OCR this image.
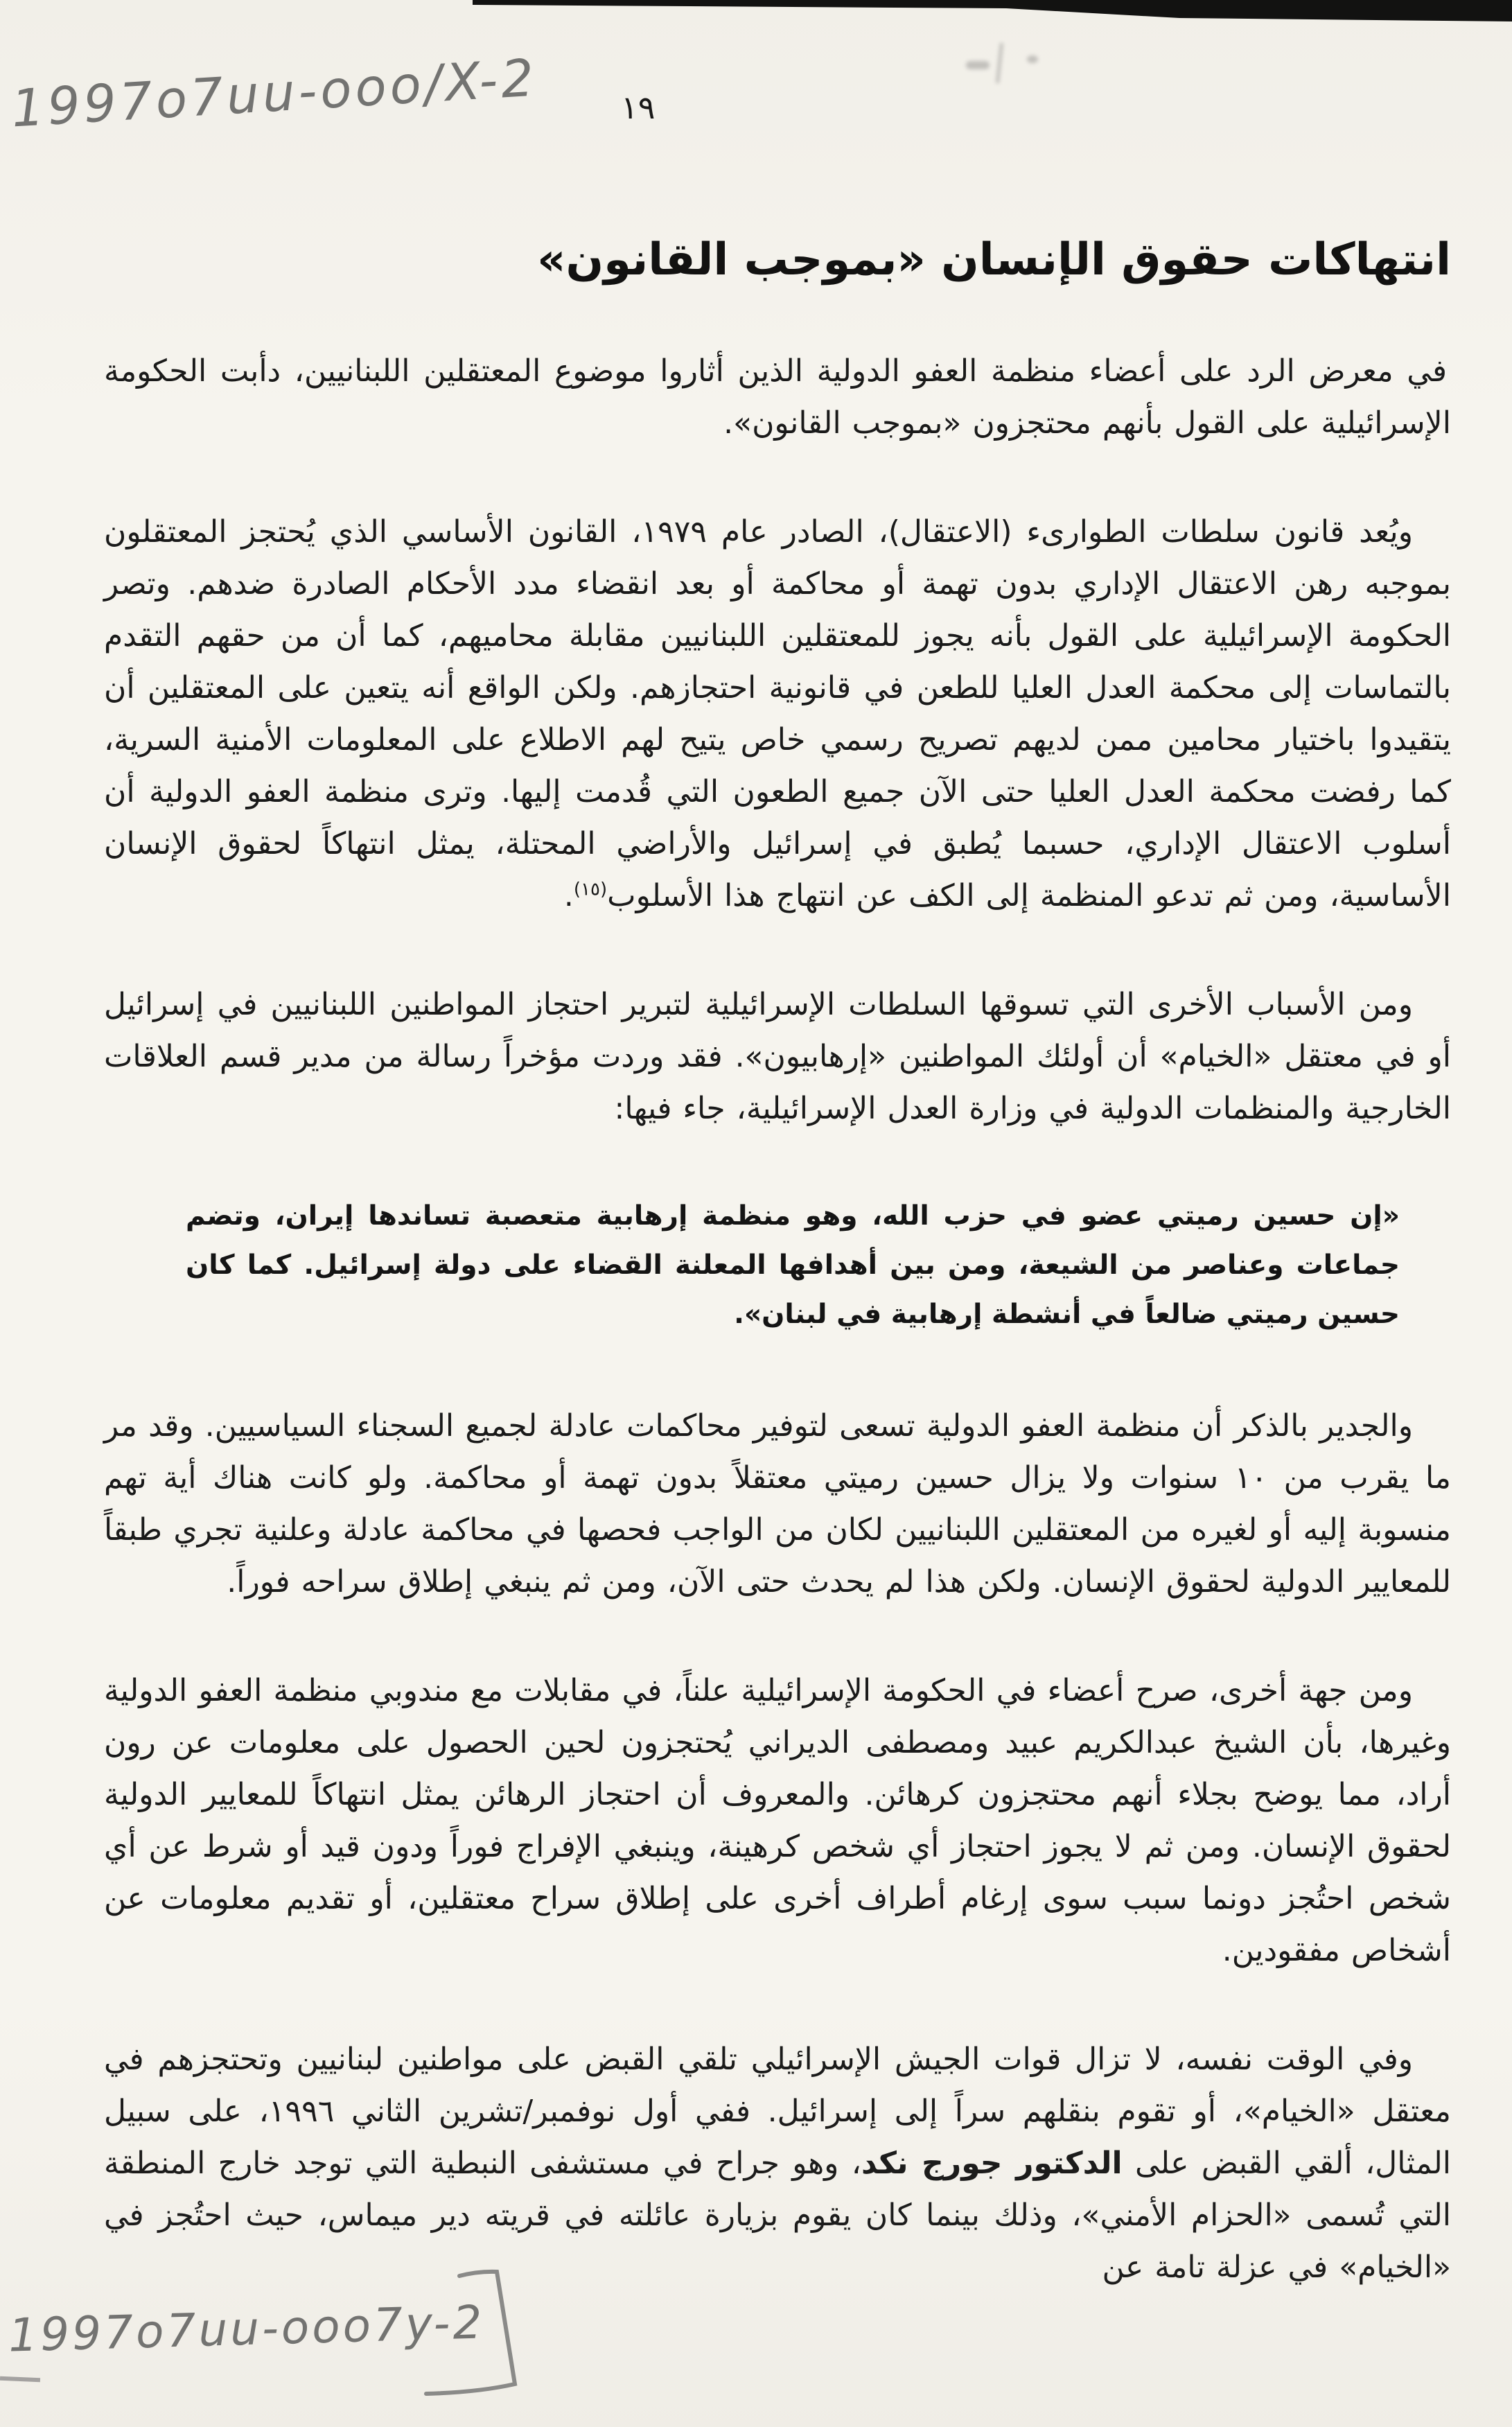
1997o7uu-ooo/X-2	١٩
انتهاكات حقوق الإنسان «بموجب القانون»

في معرض الرد على أعضاء منظمة العفو الدولية الذين أثاروا موضوع المعتقلين اللبنانيين، دأبت الحكومة الإسرائيلية على القول بأنهم محتجزون «بموجب القانون».

ويُعد قانون سلطات الطوارىء (الاعتقال)، الصادر عام ١٩٧٩، القانون الأساسي الذي يُحتجز المعتقلون بموجبه رهن الاعتقال الإداري بدون تهمة أو محاكمة أو بعد انقضاء مدد الأحكام الصادرة ضدهم. وتصر الحكومة الإسرائيلية على القول بأنه يجوز للمعتقلين اللبنانيين مقابلة محاميهم، كما أن من حقهم التقدم بالتماسات إلى محكمة العدل العليا للطعن في قانونية احتجازهم. ولكن الواقع أنه يتعين على المعتقلين أن يتقيدوا باختيار محامين ممن لديهم تصريح رسمي خاص يتيح لهم الاطلاع على المعلومات الأمنية السرية، كما رفضت محكمة العدل العليا حتى الآن جميع الطعون التي قُدمت إليها. وترى منظمة العفو الدولية أن أسلوب الاعتقال الإداري، حسبما يُطبق في إسرائيل والأراضي المحتلة، يمثل انتهاكاً لحقوق الإنسان الأساسية، ومن ثم تدعو المنظمة إلى الكف عن انتهاج هذا الأسلوب$^{(١٥)}$.

ومن الأسباب الأخرى التي تسوقها السلطات الإسرائيلية لتبرير احتجاز المواطنين اللبنانيين في إسرائيل أو في معتقل «الخيام» أن أولئك المواطنين «إرهابيون». فقد وردت مؤخراً رسالة من مدير قسم العلاقات الخارجية والمنظمات الدولية في وزارة العدل الإسرائيلية، جاء فيها:

«إن حسين رميتي عضو في حزب الله، وهو منظمة إرهابية متعصبة تساندها إيران، وتضم جماعات وعناصر من الشيعة، ومن بين أهدافها المعلنة القضاء على دولة إسرائيل. كما كان حسين رميتي ضالعاً في أنشطة إرهابية في لبنان».

والجدير بالذكر أن منظمة العفو الدولية تسعى لتوفير محاكمات عادلة لجميع السجناء السياسيين. وقد مر ما يقرب من ١٠ سنوات ولا يزال حسين رميتي معتقلاً بدون تهمة أو محاكمة. ولو كانت هناك أية تهم منسوبة إليه أو لغيره من المعتقلين اللبنانيين لكان من الواجب فحصها في محاكمة عادلة وعلنية تجري طبقاً للمعايير الدولية لحقوق الإنسان. ولكن هذا لم يحدث حتى الآن، ومن ثم ينبغي إطلاق سراحه فوراً.

ومن جهة أخرى، صرح أعضاء في الحكومة الإسرائيلية علناً، في مقابلات مع مندوبي منظمة العفو الدولية وغيرها، بأن الشيخ عبدالكريم عبيد ومصطفى الديراني يُحتجزون لحين الحصول على معلومات عن رون أراد، مما يوضح بجلاء أنهم محتجزون كرهائن. والمعروف أن احتجاز الرهائن يمثل انتهاكاً للمعايير الدولية لحقوق الإنسان. ومن ثم لا يجوز احتجاز أي شخص كرهينة، وينبغي الإفراج فوراً ودون قيد أو شرط عن أي شخص احتُجز دونما سبب سوى إرغام أطراف أخرى على إطلاق سراح معتقلين، أو تقديم معلومات عن أشخاص مفقودين.

وفي الوقت نفسه، لا تزال قوات الجيش الإسرائيلي تلقي القبض على مواطنين لبنانيين وتحتجزهم في معتقل «الخيام»، أو تقوم بنقلهم سراً إلى إسرائيل. ففي أول نوفمبر/تشرين الثاني ١٩٩٦، على سبيل المثال، ألقي القبض على الدكتور جورج نكد، وهو جراح في مستشفى النبطية التي توجد خارج المنطقة التي تُسمى «الحزام الأمني»، وذلك بينما كان يقوم بزيارة عائلته في قريته دير ميماس، حيث احتُجز في «الخيام» في عزلة تامة عن

1997o7uu-ooo7y-2
